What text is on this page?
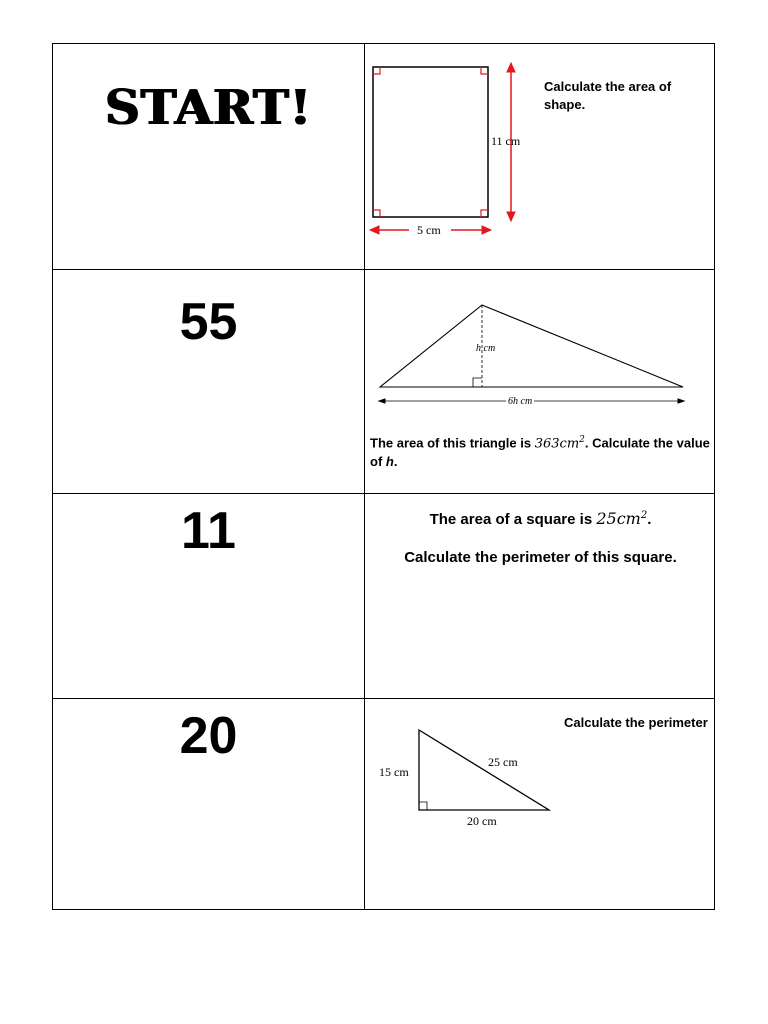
START!
11 cm
5 cm
Calculate the area of
shape.
55	h cm
6h cm
The area of this triangle is $363cm^2$. Calculate the value
of h.
11	The area of a square is $25cm^2$.
Calculate the perimeter of this square.
20	Calculate the perimeter
15 cm
25 cm
20 cm
